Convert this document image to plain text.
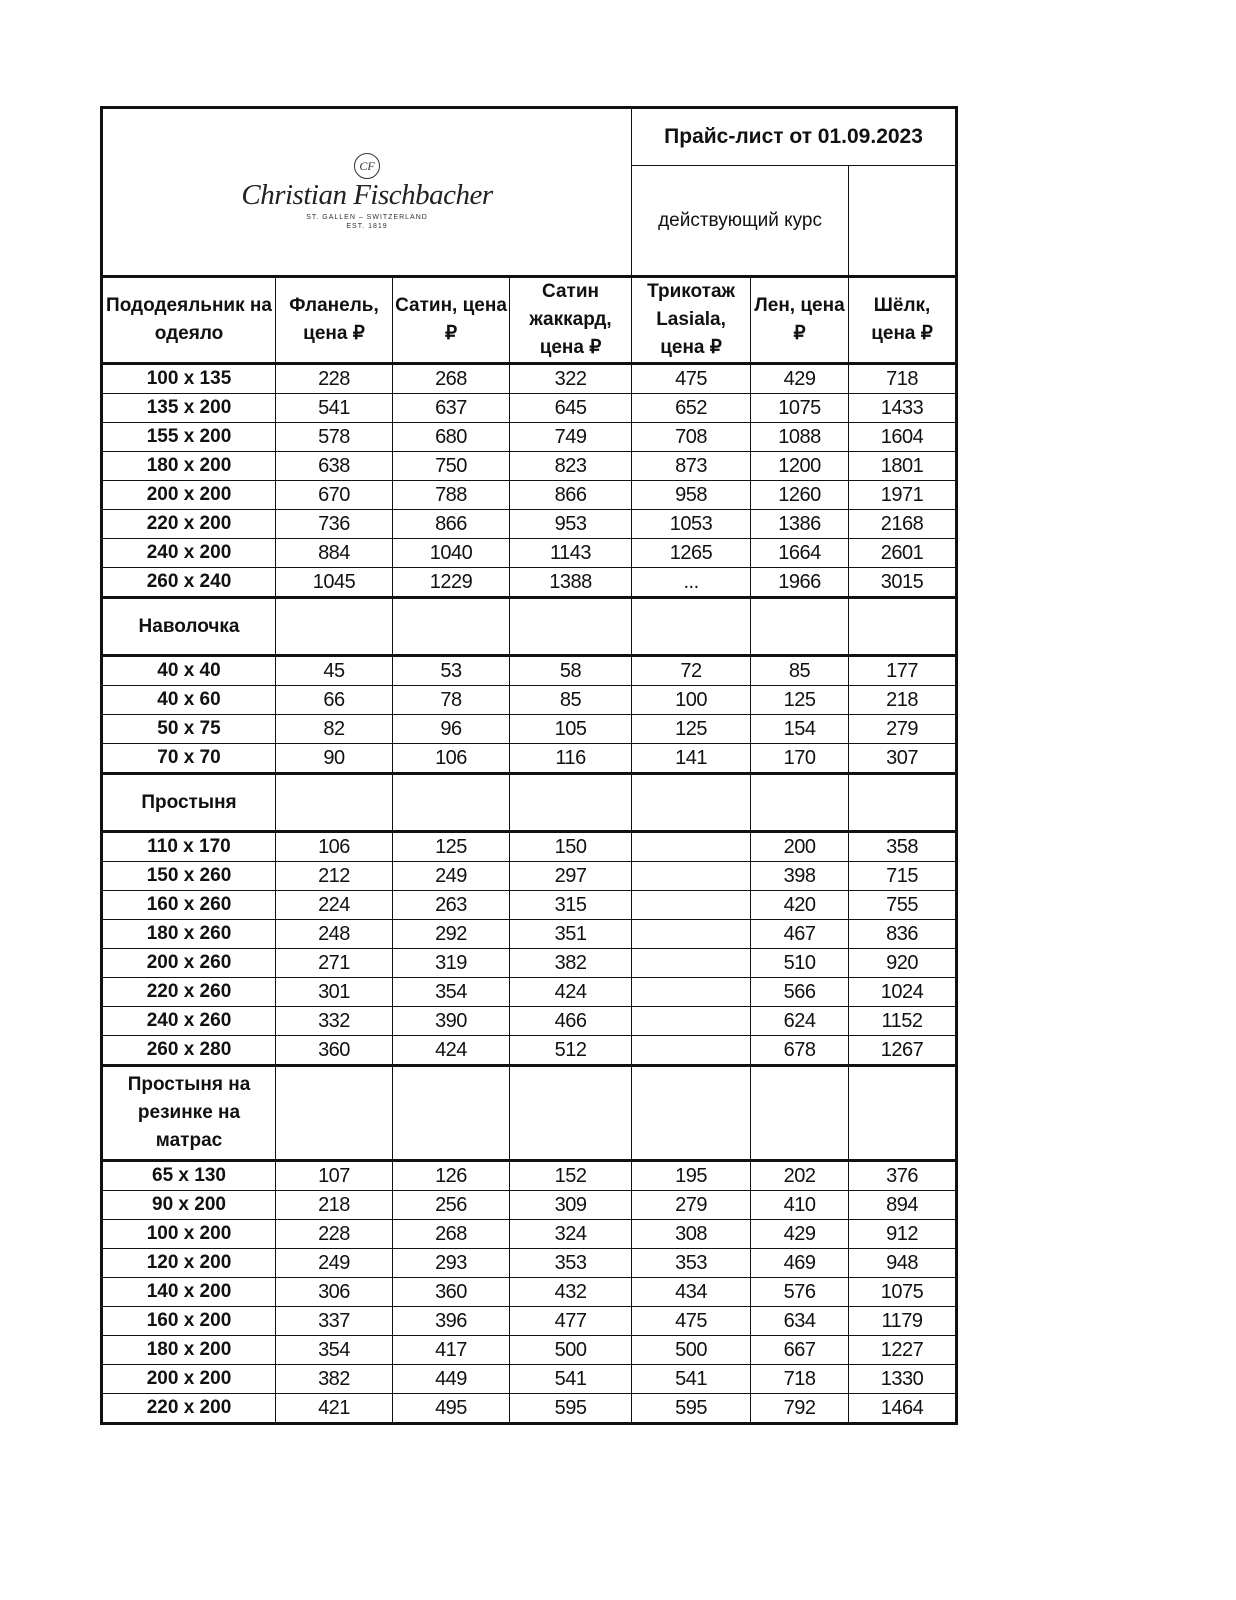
CF
Christian Fischbacher
ST. GALLEN – SWITZERLAND
EST. 1819				Прайс-лист от 01.09.2023		
				действующий курс		
Пододеяльник на одеяло	Фланель, цена ₽	Сатин, цена ₽	Сатин жаккард, цена ₽	Трикотаж Lasiala, цена ₽	Лен, цена ₽	Шёлк, цена ₽
100 x 135	228	268	322	475	429	718
135 x 200	541	637	645	652	1075	1433
155 x 200	578	680	749	708	1088	1604
180 x 200	638	750	823	873	1200	1801
200 x 200	670	788	866	958	1260	1971
220 x 200	736	866	953	1053	1386	2168
240 x 200	884	1040	1143	1265	1664	2601
260 x 240	1045	1229	1388	...	1966	3015
Наволочка						
40 x 40	45	53	58	72	85	177
40 x 60	66	78	85	100	125	218
50 x 75	82	96	105	125	154	279
70 x 70	90	106	116	141	170	307
Простыня						
110 x 170	106	125	150		200	358
150 x 260	212	249	297		398	715
160 x 260	224	263	315		420	755
180 x 260	248	292	351		467	836
200 x 260	271	319	382		510	920
220 x 260	301	354	424		566	1024
240 x 260	332	390	466		624	1152
260 x 280	360	424	512		678	1267
Простыня на резинке на матрас						
65 x 130	107	126	152	195	202	376
90 x 200	218	256	309	279	410	894
100 x 200	228	268	324	308	429	912
120 x 200	249	293	353	353	469	948
140 x 200	306	360	432	434	576	1075
160 x 200	337	396	477	475	634	1179
180 x 200	354	417	500	500	667	1227
200 x 200	382	449	541	541	718	1330
220 x 200	421	495	595	595	792	1464
